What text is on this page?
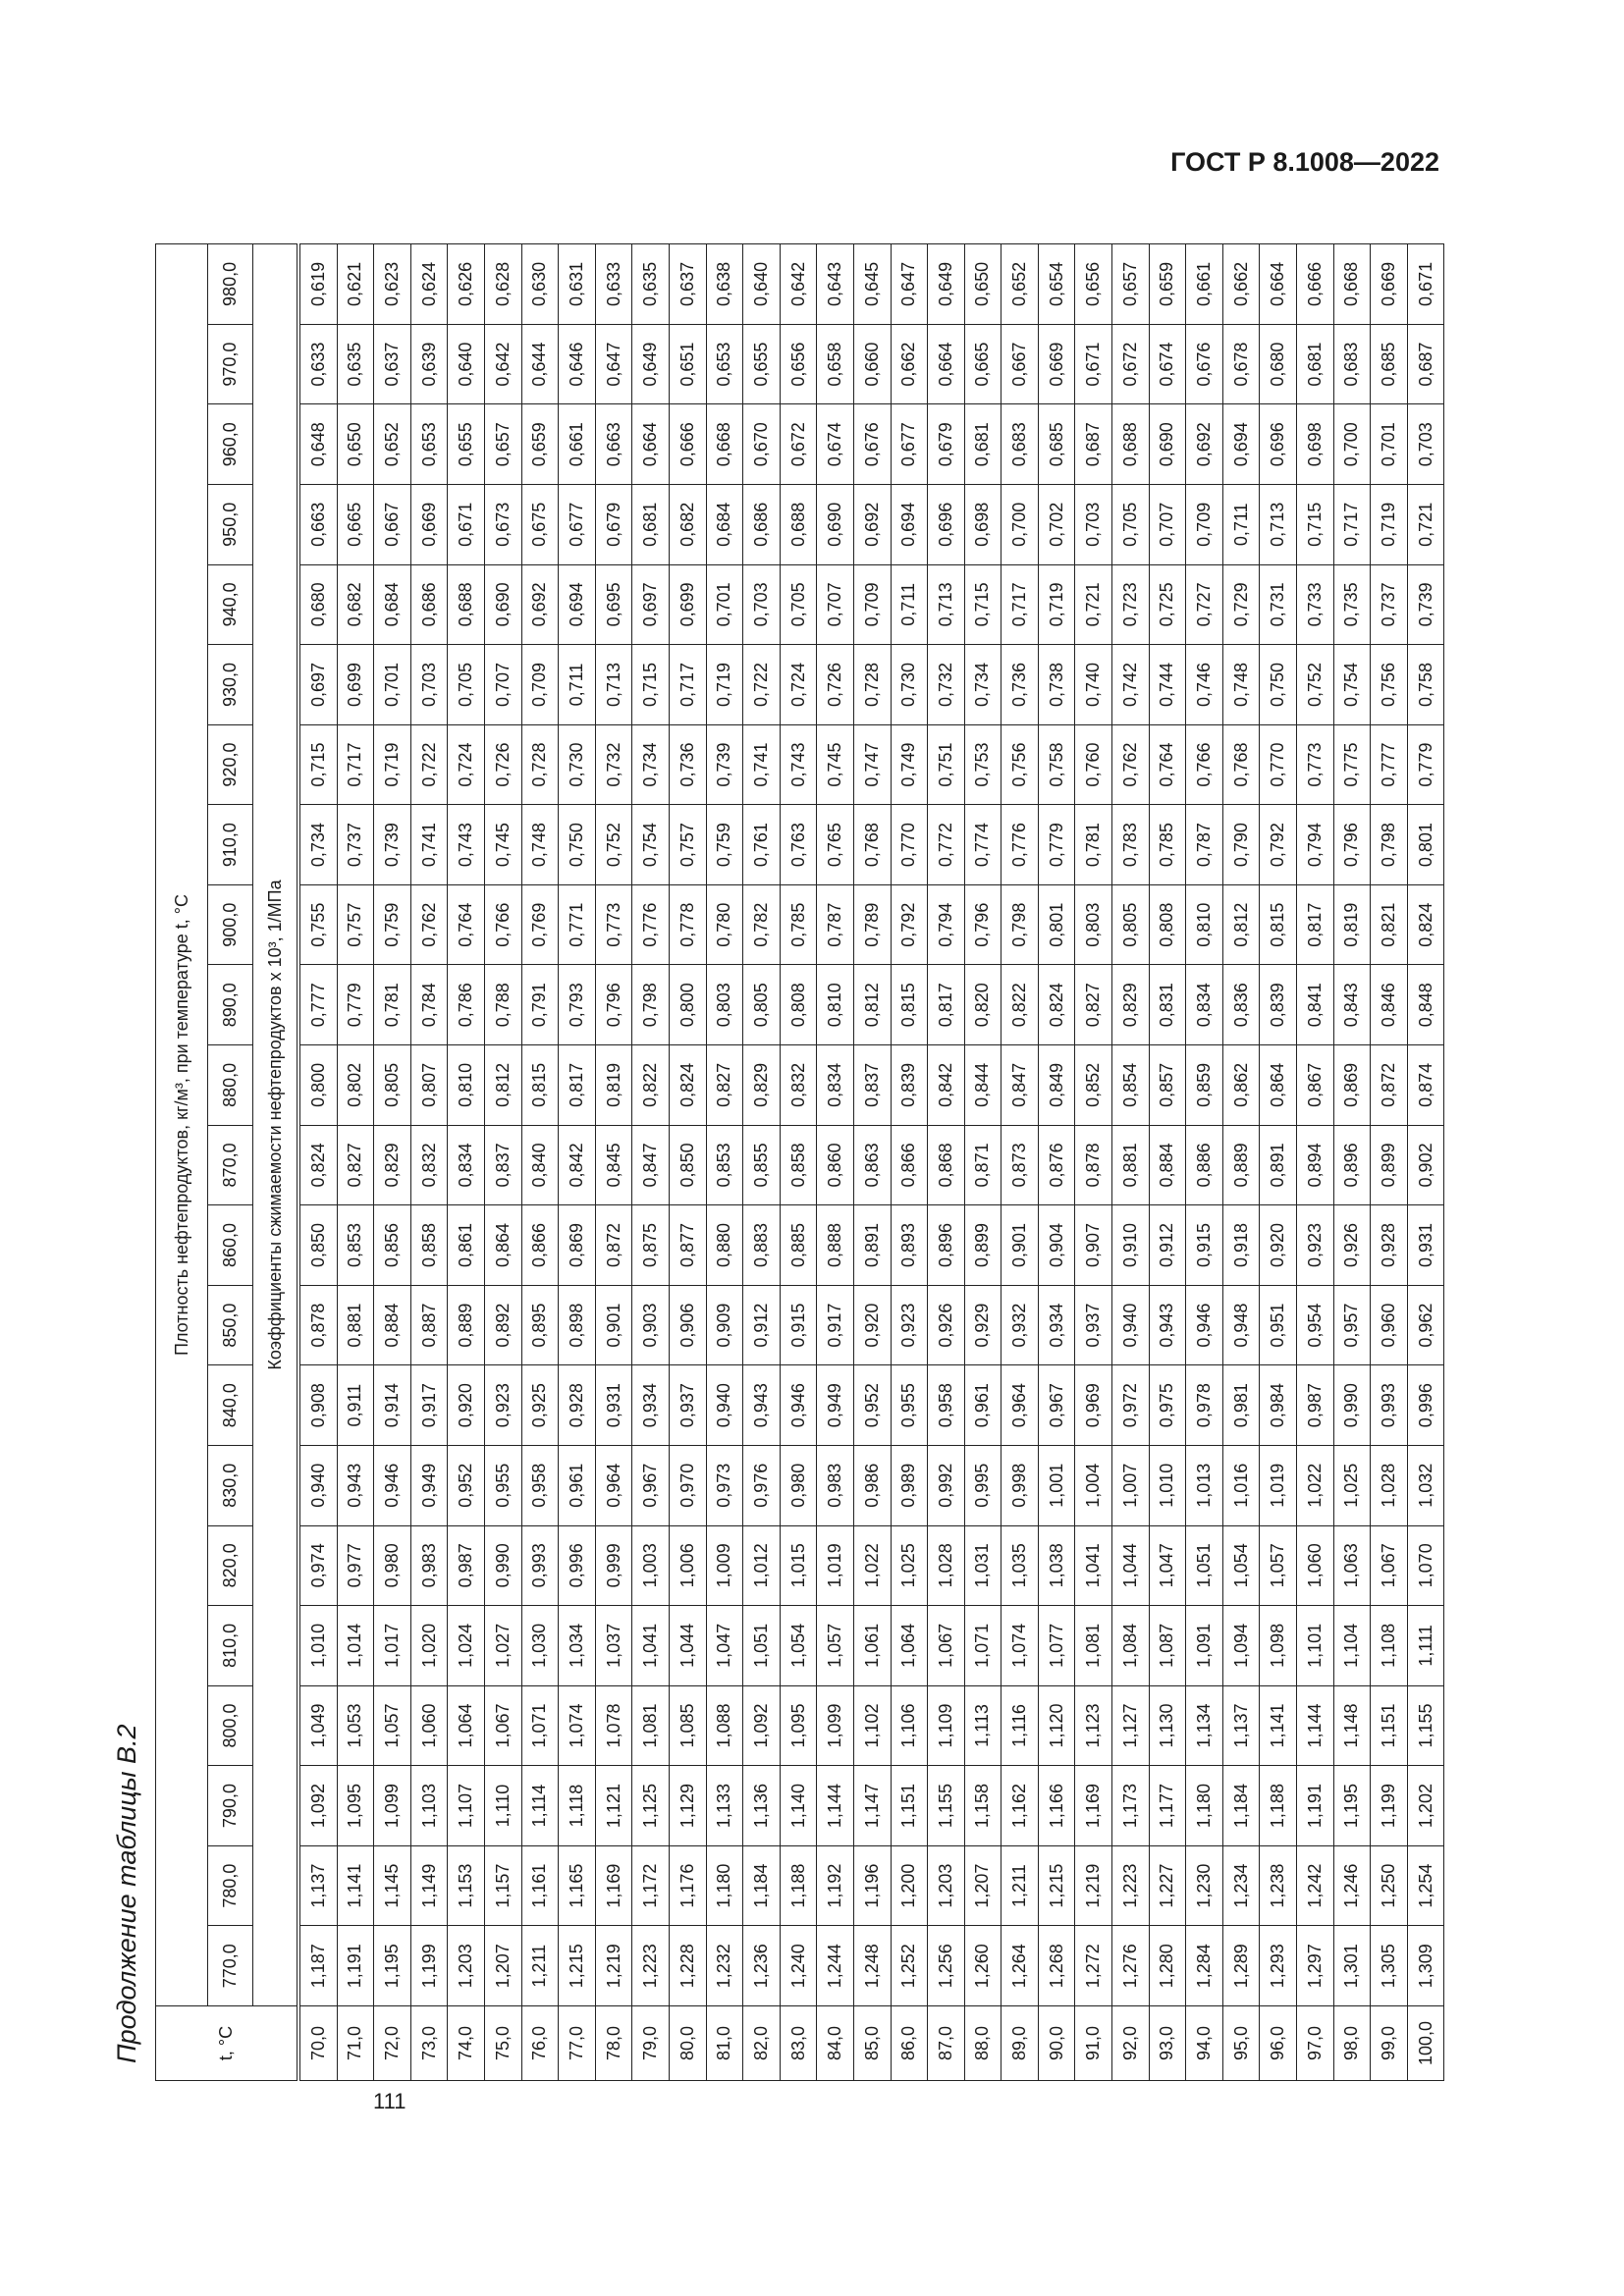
ГОСТ Р 8.1008—2022
Продолжение таблицы В.2	t, °C	Плотность нефтепродуктов, кг/м³, при температуре t, °C																					
	770,0	780,0	790,0	800,0	810,0	820,0	830,0	840,0	850,0	860,0	870,0	880,0	890,0	900,0	910,0	920,0	930,0	940,0	950,0	960,0	970,0	980,0
	Коэффициенты сжимаемости нефтепродуктов x 10³, 1/МПа																					
70,0	1,187	1,137	1,092	1,049	1,010	0,974	0,940	0,908	0,878	0,850	0,824	0,800	0,777	0,755	0,734	0,715	0,697	0,680	0,663	0,648	0,633	0,619
71,0	1,191	1,141	1,095	1,053	1,014	0,977	0,943	0,911	0,881	0,853	0,827	0,802	0,779	0,757	0,737	0,717	0,699	0,682	0,665	0,650	0,635	0,621
72,0	1,195	1,145	1,099	1,057	1,017	0,980	0,946	0,914	0,884	0,856	0,829	0,805	0,781	0,759	0,739	0,719	0,701	0,684	0,667	0,652	0,637	0,623
73,0	1,199	1,149	1,103	1,060	1,020	0,983	0,949	0,917	0,887	0,858	0,832	0,807	0,784	0,762	0,741	0,722	0,703	0,686	0,669	0,653	0,639	0,624
74,0	1,203	1,153	1,107	1,064	1,024	0,987	0,952	0,920	0,889	0,861	0,834	0,810	0,786	0,764	0,743	0,724	0,705	0,688	0,671	0,655	0,640	0,626
75,0	1,207	1,157	1,110	1,067	1,027	0,990	0,955	0,923	0,892	0,864	0,837	0,812	0,788	0,766	0,745	0,726	0,707	0,690	0,673	0,657	0,642	0,628
76,0	1,211	1,161	1,114	1,071	1,030	0,993	0,958	0,925	0,895	0,866	0,840	0,815	0,791	0,769	0,748	0,728	0,709	0,692	0,675	0,659	0,644	0,630
77,0	1,215	1,165	1,118	1,074	1,034	0,996	0,961	0,928	0,898	0,869	0,842	0,817	0,793	0,771	0,750	0,730	0,711	0,694	0,677	0,661	0,646	0,631
78,0	1,219	1,169	1,121	1,078	1,037	0,999	0,964	0,931	0,901	0,872	0,845	0,819	0,796	0,773	0,752	0,732	0,713	0,695	0,679	0,663	0,647	0,633
79,0	1,223	1,172	1,125	1,081	1,041	1,003	0,967	0,934	0,903	0,875	0,847	0,822	0,798	0,776	0,754	0,734	0,715	0,697	0,681	0,664	0,649	0,635
80,0	1,228	1,176	1,129	1,085	1,044	1,006	0,970	0,937	0,906	0,877	0,850	0,824	0,800	0,778	0,757	0,736	0,717	0,699	0,682	0,666	0,651	0,637
81,0	1,232	1,180	1,133	1,088	1,047	1,009	0,973	0,940	0,909	0,880	0,853	0,827	0,803	0,780	0,759	0,739	0,719	0,701	0,684	0,668	0,653	0,638
82,0	1,236	1,184	1,136	1,092	1,051	1,012	0,976	0,943	0,912	0,883	0,855	0,829	0,805	0,782	0,761	0,741	0,722	0,703	0,686	0,670	0,655	0,640
83,0	1,240	1,188	1,140	1,095	1,054	1,015	0,980	0,946	0,915	0,885	0,858	0,832	0,808	0,785	0,763	0,743	0,724	0,705	0,688	0,672	0,656	0,642
84,0	1,244	1,192	1,144	1,099	1,057	1,019	0,983	0,949	0,917	0,888	0,860	0,834	0,810	0,787	0,765	0,745	0,726	0,707	0,690	0,674	0,658	0,643
85,0	1,248	1,196	1,147	1,102	1,061	1,022	0,986	0,952	0,920	0,891	0,863	0,837	0,812	0,789	0,768	0,747	0,728	0,709	0,692	0,676	0,660	0,645
86,0	1,252	1,200	1,151	1,106	1,064	1,025	0,989	0,955	0,923	0,893	0,866	0,839	0,815	0,792	0,770	0,749	0,730	0,711	0,694	0,677	0,662	0,647
87,0	1,256	1,203	1,155	1,109	1,067	1,028	0,992	0,958	0,926	0,896	0,868	0,842	0,817	0,794	0,772	0,751	0,732	0,713	0,696	0,679	0,664	0,649
88,0	1,260	1,207	1,158	1,113	1,071	1,031	0,995	0,961	0,929	0,899	0,871	0,844	0,820	0,796	0,774	0,753	0,734	0,715	0,698	0,681	0,665	0,650
89,0	1,264	1,211	1,162	1,116	1,074	1,035	0,998	0,964	0,932	0,901	0,873	0,847	0,822	0,798	0,776	0,756	0,736	0,717	0,700	0,683	0,667	0,652
90,0	1,268	1,215	1,166	1,120	1,077	1,038	1,001	0,967	0,934	0,904	0,876	0,849	0,824	0,801	0,779	0,758	0,738	0,719	0,702	0,685	0,669	0,654
91,0	1,272	1,219	1,169	1,123	1,081	1,041	1,004	0,969	0,937	0,907	0,878	0,852	0,827	0,803	0,781	0,760	0,740	0,721	0,703	0,687	0,671	0,656
92,0	1,276	1,223	1,173	1,127	1,084	1,044	1,007	0,972	0,940	0,910	0,881	0,854	0,829	0,805	0,783	0,762	0,742	0,723	0,705	0,688	0,672	0,657
93,0	1,280	1,227	1,177	1,130	1,087	1,047	1,010	0,975	0,943	0,912	0,884	0,857	0,831	0,808	0,785	0,764	0,744	0,725	0,707	0,690	0,674	0,659
94,0	1,284	1,230	1,180	1,134	1,091	1,051	1,013	0,978	0,946	0,915	0,886	0,859	0,834	0,810	0,787	0,766	0,746	0,727	0,709	0,692	0,676	0,661
95,0	1,289	1,234	1,184	1,137	1,094	1,054	1,016	0,981	0,948	0,918	0,889	0,862	0,836	0,812	0,790	0,768	0,748	0,729	0,711	0,694	0,678	0,662
96,0	1,293	1,238	1,188	1,141	1,098	1,057	1,019	0,984	0,951	0,920	0,891	0,864	0,839	0,815	0,792	0,770	0,750	0,731	0,713	0,696	0,680	0,664
97,0	1,297	1,242	1,191	1,144	1,101	1,060	1,022	0,987	0,954	0,923	0,894	0,867	0,841	0,817	0,794	0,773	0,752	0,733	0,715	0,698	0,681	0,666
98,0	1,301	1,246	1,195	1,148	1,104	1,063	1,025	0,990	0,957	0,926	0,896	0,869	0,843	0,819	0,796	0,775	0,754	0,735	0,717	0,700	0,683	0,668
99,0	1,305	1,250	1,199	1,151	1,108	1,067	1,028	0,993	0,960	0,928	0,899	0,872	0,846	0,821	0,798	0,777	0,756	0,737	0,719	0,701	0,685	0,669
100,0	1,309	1,254	1,202	1,155	1,111	1,070	1,032	0,996	0,962	0,931	0,902	0,874	0,848	0,824	0,801	0,779	0,758	0,739	0,721	0,703	0,687	0,671
111
